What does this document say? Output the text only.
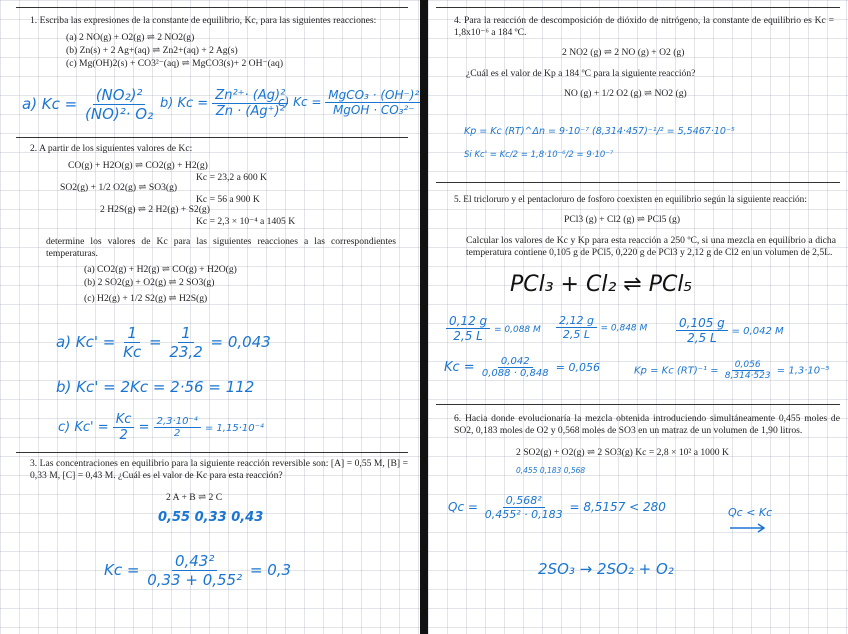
1. Escriba las expresiones de la constante de equilibrio, Kc, para las siguientes reacciones:
(a) 2 NO(g) + O2(g) ⇌ 2 NO2(g)
(b) Zn(s) + 2 Ag+(aq) ⇌ Zn2+(aq) + 2 Ag(s)
(c) Mg(OH)2(s) + CO3²⁻(aq) ⇌ MgCO3(s)+ 2 OH⁻(aq)
a) $Kc = \frac{\text{(NO₂)²}}{\text{(NO)²· O₂}} b$) $Kc = \frac{\text{Zn²⁺· (Ag)²}}{\text{Zn · (Ag⁺)²}}$
c) $Kc = \frac{\text{MgCO₃ · (OH⁻)²}}{\text{MgOH · CO₃²⁻}}$
2. A partir de los siguientes valores de Kc:
CO(g) + H2O(g) ⇌ CO2(g) + H2(g)
Kc = 23,2 a 600 K
SO2(g) + 1/2 O2(g) ⇌ SO3(g)
Kc = 56 a 900 K
2 H2S(g) ⇌ 2 H2(g) + S2(g)
Kc = 2,3 × 10⁻⁴ a 1405 K
determine los valores de Kc para las siguientes reacciones a las correspondientes temperaturas.
(a) CO2(g) + H2(g) ⇌ CO(g) + H2O(g)
(b) 2 SO2(g) + O2(g) ⇌ 2 SO3(g)
(c) H2(g) + 1/2 S2(g) ⇌ H2S(g)
a) $Kc' = \frac{1}{Kc} = \frac{1}{23,2} = 0,043$
b) Kc' = 2Kc = 2·56 = 112
c) $Kc' = \frac{Kc}{2} = \frac{\text{2,3·10⁻⁴}}{2} = 1,15\cdot 10^{-4}$
3. Las concentraciones en equilibrio para la siguiente reacción reversible son: [A] = 0,55 M, [B] = 0,33 M, [C] = 0,43 M. ¿Cuál es el valor de Kc para esta reacción?
2 A + B ⇌ 2 C
0,55 0,33 0,43
$Kc = \frac{\text{0,43²}}{\text{0,33 + 0,55²}} = 0,3$
4. Para la reacción de descomposición de dióxido de nitrógeno, la constante de equilibrio es Kc = 1,8x10⁻⁶ a 184 ºC.
2 NO2 (g) ⇌ 2 NO (g) + O2 (g)
¿Cuál es el valor de Kp a 184 ºC para la siguiente reacción?
NO (g) + 1/2 O2 (g) ⇌ NO2 (g)
Kp = Kc (RT)^Δn = 9·10⁻⁷ (8,314·457)⁻¹/² = 5,5467·10⁻⁵
Si Kc' = Kc/2 = 1,8·10⁻⁶/2 = 9·10⁻⁷
5. El tricloruro y el pentacloruro de fosforo coexisten en equilibrio según la siguiente reacción:
PCl3 (g) + Cl2 (g) ⇌ PCl5 (g)
Calcular los valores de Kc y Kp para esta reacción a 250 ºC, si una mezcla en equilibrio a dicha temperatura contiene 0,105 g de PCl5, 0,220 g de PCl3 y 2,12 g de Cl2 en un volumen de 2,5L.
PCl₃ + Cl₂ ⇌ PCl₅
$\frac{0,12 g}{2,5 L} = 0,088$ M $\frac{2,12 g}{2,5 L} = 0,848$ M $\frac{0,105 g}{2,5 L} = 0,042$ M
$Kc = \frac{0,042}{0,088 \cdot 0,848} = 0,056$	Kp = Kc $(RT)^{-1} = \frac{0,056}{8,314\cdot 523} = 1,3\cdot 10^{-5}$
6. Hacia donde evolucionaría la mezcla obtenida introduciendo simultáneamente 0,455 moles de SO2, 0,183 moles de O2 y 0,568 moles de SO3 en un matraz de un volumen de 1,90 litros.
2 SO2(g) + O2(g) ⇌ 2 SO3(g) Kc = 2,8 × 10² a 1000 K
0,455 0,183 0,568
$Qc = \frac{\text{0,568²}}{\text{0,455² · 0,183}} = 8,5157 < 280$	Qc < Kc
2SO₃ → 2SO₂ + O₂
